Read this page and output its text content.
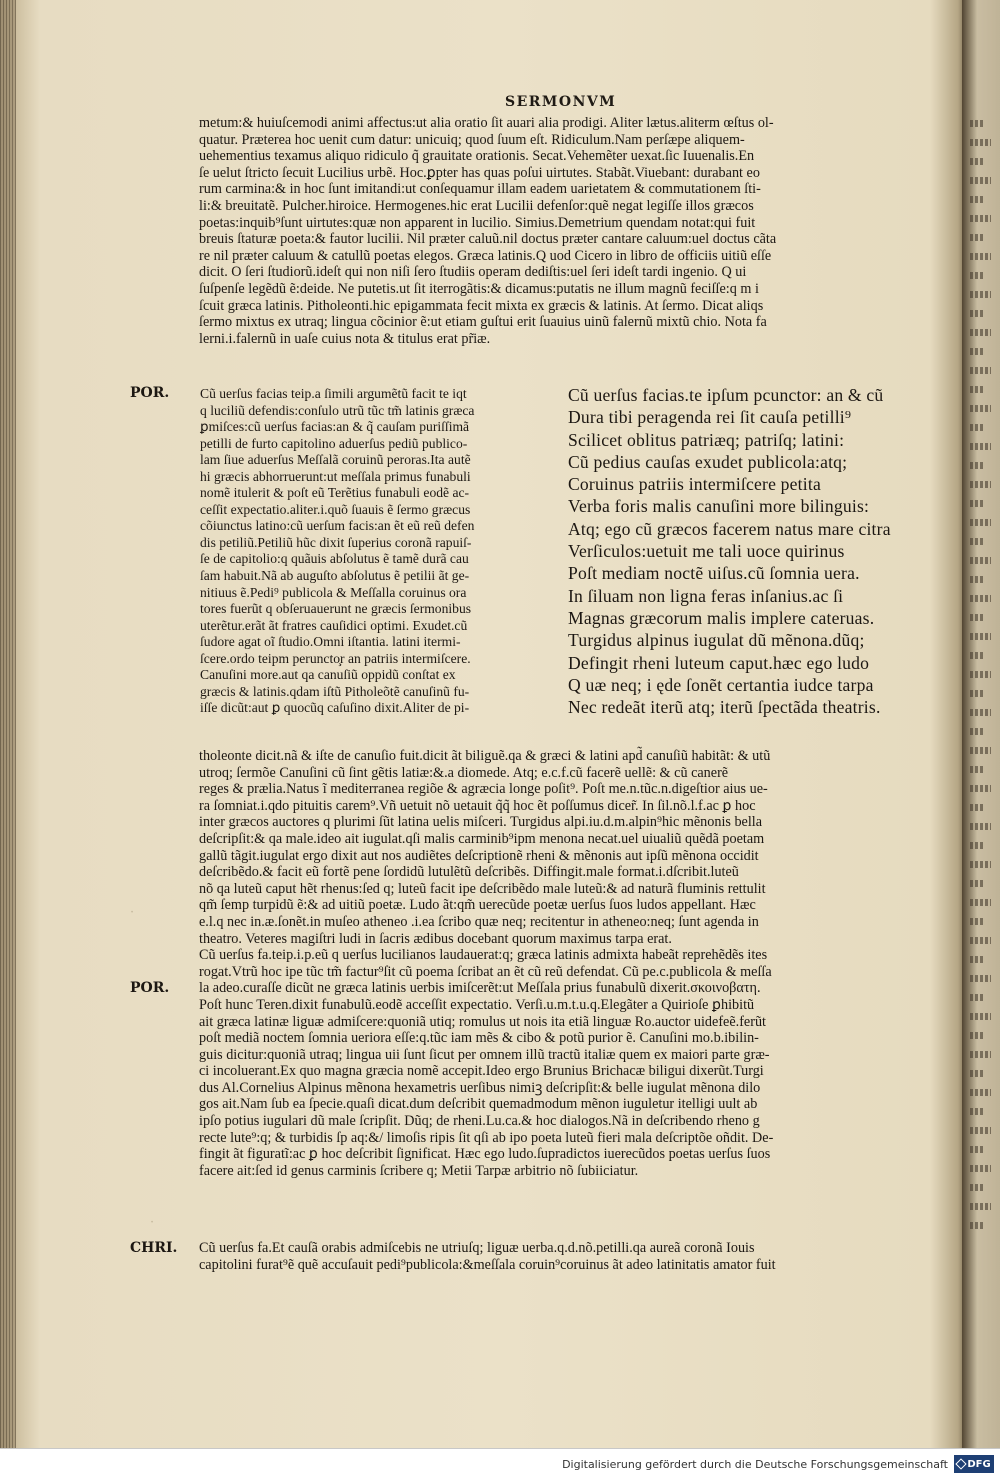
SERMONVM
metum:& huiuſcemodi animi affectus:ut alia oratio ſit auari alia prodigi. Aliter lætus.aliterm œſtus ol-
quatur. Præterea hoc uenit cum datur: unicuiq; quod ſuum eſt. Ridiculum.Nam perſæpe aliquem-
uehementius texamus aliquo ridiculo q̃ grauitate orationis. Secat.Vehemẽter uexat.ſic Iuuenalis.En
ſe uelut ſtricto ſecuit Lucilius urbẽ. Hoc.ꝑpter has quas poſui uirtutes. Stabãt.Viuebant: durabant eo
rum carmina:& in hoc ſunt imitandi:ut conſequamur illam eadem uarietatem & commutationem ſti-
li:& breuitatẽ. Pulcher.hiroice. Hermogenes.hic erat Lucilii defenſor:quẽ negat legiſſe illos græcos
poetas:inquib⁹ſunt uirtutes:quæ non apparent in lucilio. Simius.Demetrium quendam notat:qui fuit
breuis ſtaturæ poeta:& fautor lucilii. Nil præter caluũ.nil doctus præter cantare caluum:uel doctus cãta
re nil præter caluum & catullũ poetas elegos. Græca latinis.Q uod Cicero in libro de officiis uitiũ eſſe
dicit. O ſeri ſtudiorũ.ideſt qui non niſi ſero ſtudiis operam dediſtis:uel ſeri ideſt tardi ingenio. Q ui
ſuſpenſe legẽdũ ẽ:deide. Ne putetis.ut ſit iterrogãtis:& dicamus:putatis ne illum magnũ feciſſe:q m i
ſcuit græca latinis. Pitholeonti.hic epigammata fecit mixta ex græcis & latinis. At ſermo. Dicat aliqs
ſermo mixtus ex utraq; lingua cõcinior ẽ:ut etiam guſtui erit ſuauius uinũ falernũ mixtũ chio. Nota fa
lerni.i.falernũ in uaſe cuius nota & titulus erat pr̃iæ.
POR. Cũ uerſus facias teip.a ſimili argumẽtũ facit te iqt
q luciliũ defendis:conſulo utrũ tũc tm̃ latinis græca
ꝑmiſces:cũ uerſus facias:an & q̃ cauſam puriſſimã
petilli de furto capitolino aduerſus pediũ publico-
lam ſiue aduerſus Meſſalã coruinũ peroras.Ita autẽ
hi græcis abhorruerunt:ut meſſala primus funabuli
nomẽ itulerit & poſt eũ Terẽtius funabuli eodẽ ac-
ceſſit expectatio.aliter.i.quõ ſuauis ẽ ſermo græcus
cõiunctus latino:cũ uerſum facis:an ẽt eũ reũ defen
dis petiliũ.Petiliũ hũc dixit ſuperius coronã rapuiſ-
ſe de capitolio:q quãuis abſolutus ẽ tamẽ durã cau
ſam habuit.Nã ab auguſto abſolutus ẽ petilii ãt ge-
nitiuus ẽ.Pedi⁹ publicola & Meſſalla coruinus ora
tores fuerũt q obſeruauerunt ne græcis ſermonibus
uterẽtur.erãt ãt fratres cauſidici optimi. Exudet.cũ
ſudore agat oĩ ſtudio.Omni iſtantia. latini itermi-
ſcere.ordo teipm peruncto̧r an patriis intermiſcere.
Canuſini more.aut qa canuſiũ oppidũ conſtat ex
græcis & latinis.qdam iſtũ Pitholeõtẽ canuſinũ fu-
iſſe dicũt:aut ꝑ quocũq caſuſino dixit.Aliter de pi-
Cũ uerſus facias.te ipſum pcunctor: an & cũ
Dura tibi peragenda rei ſit cauſa petilli⁹
Scilicet oblitus patriæq; patriſq; latini:
Cũ pedius cauſas exudet publicola:atq;
Coruinus patriis intermiſcere petita
Verba foris malis canuſini more bilinguis:
Atq; ego cũ græcos facerem natus mare citra
Verſiculos:uetuit me tali uoce quirinus
Poſt mediam noctẽ uiſus.cũ ſomnia uera.
In ſiluam non ligna feras inſanius.ac ſi
Magnas græcorum malis implere cateruas.
Turgidus alpinus iugulat dũ mẽnona.dũq;
Defingit rheni luteum caput.hæc ego ludo
Q uæ neq; i ęde ſonẽt certantia iudce tarpa
Nec redeãt iterũ atq; iterũ ſpectãda theatris.
tholeonte dicit.nã & iſte de canuſio fuit.dicit ãt biliguẽ.qa & græci & latini apd̃ canuſiũ habitãt: & utũ
utroq; ſermõe Canuſini cũ ſint gẽtis latiæ:&.a diomede. Atq; e.c.f.cũ facerẽ uellẽ: & cũ canerẽ
reges & prælia.Natus ĩ mediterranea regiõe & agræcia longe poſit⁹. Poſt me.n.tũc.n.digeſtior aius ue-
ra ſomniat.i.qdo pituitis carem⁹.Vñ uetuit nõ uetauit q̃q̃ hoc ẽt poſſumus dicer̃. In ſil.nõ.l.f.ac ꝑ hoc
inter græcos auctores q plurimi ſũt latina uelis miſceri. Turgidus alpi.iu.d.m.alpin⁹hic mẽnonis bella
deſcripſit:& qa male.ideo ait iugulat.qſi malis carminib⁹ipm menona necat.uel uiualiũ quẽdã poetam
gallũ tãgit.iugulat ergo dixit aut nos audiẽtes deſcriptionẽ rheni & mẽnonis aut ipſũ mẽnona occidit
deſcribẽdo.& facit eũ fortẽ pene ſordidũ lutulẽtũ deſcribẽs. Diffingit.male format.i.dſcribit.luteũ
nõ qa luteũ caput hẽt rhenus:ſed q; luteũ facit ipe deſcribẽdo male luteũ:& ad naturã fluminis rettulit
qm̃ ſemp turpidũ ẽ:& ad uitiũ poetæ. Ludo ãt:qm̃ uerecũde poetæ uerſus ſuos ludos appellant. Hæc
e.l.q nec in.æ.ſonẽt.in muſeo atheneo .i.ea ſcribo quæ neq; recitentur in atheneo:neq; ſunt agenda in
theatro. Veteres magiſtri ludi in ſacris ædibus docebant quorum maximus tarpa erat.
Cũ uerſus fa.teip.i.p.eũ q uerſus lucilianos laudauerat:q; græca latinis admixta habeãt reprehẽdẽs ites
rogat.Vtrũ hoc ipe tũc tm̃ factur⁹ſit cũ poema ſcribat an ẽt cũ reũ defendat. Cũ pe.c.publicola & meſſa
la adeo.curaſſe dicũt ne græca latinis uerbis imiſcerẽt:ut Meſſala prius funabulũ dixerit.σκοινοβατη.
Poſt hunc Teren.dixit funabulũ.eodẽ acceſſit expectatio. Verſi.u.m.t.u.q.Elegãter a Quirioſe ꝑhibitũ
ait græca latinæ liguæ admiſcere:quoniã utiq; romulus ut nois ita etiã linguæ Ro.auctor uidefeẽ.ferũt
poſt mediã noctem ſomnia ueriora eſſe:q.tũc iam mẽs & cibo & potũ purior ẽ. Canuſini mo.b.ibilin-
guis dicitur:quoniã utraq; lingua uii ſunt ſicut per omnem illũ tractũ italiæ quem ex maiori parte græ-
ci incoluerant.Ex quo magna græcia nomẽ accepit.Ideo ergo Brunius Brichacæ biligui dixerũt.Turgi
dus Al.Cornelius Alpinus mẽnona hexametris uerſibus nimiꝫ deſcripſit:& belle iugulat mẽnona dilo
gos ait.Nam ſub ea ſpecie.quaſi dicat.dum deſcribit quemadmodum mẽnon iuguletur itelligi uult ab
ipſo potius iugulari dũ male ſcripſit. Dũq; de rheni.Lu.ca.& hoc dialogos.Nã in deſcribendo rheno g
recte lute⁹:q; & turbidis ſp aq:&/ limoſis ripis ſit qſi ab ipo poeta luteũ fieri mala deſcriptõe oñdit. De-
fingit ãt figuratĩ:ac ꝑ hoc deſcribit ſignificat. Hæc ego ludo.ſupradictos iuerecũdos poetas uerſus ſuos
facere ait:ſed id genus carminis ſcribere q; Metii Tarpæ arbitrio nõ ſubiiciatur.
POR.
CHRI. Cũ uerſus fa.Et cauſã orabis admiſcebis ne utriuſq; liguæ uerba.q.d.nõ.petilli.qa aureã coronã Iouis
capitolini furat⁹ẽ quẽ accuſauit pedi⁹publicola:&meſſala coruin⁹coruinus ãt adeo latinitatis amator fuit
·
·
Digitalisierung gefördert durch die Deutsche Forschungsgemeinschaft DFG
